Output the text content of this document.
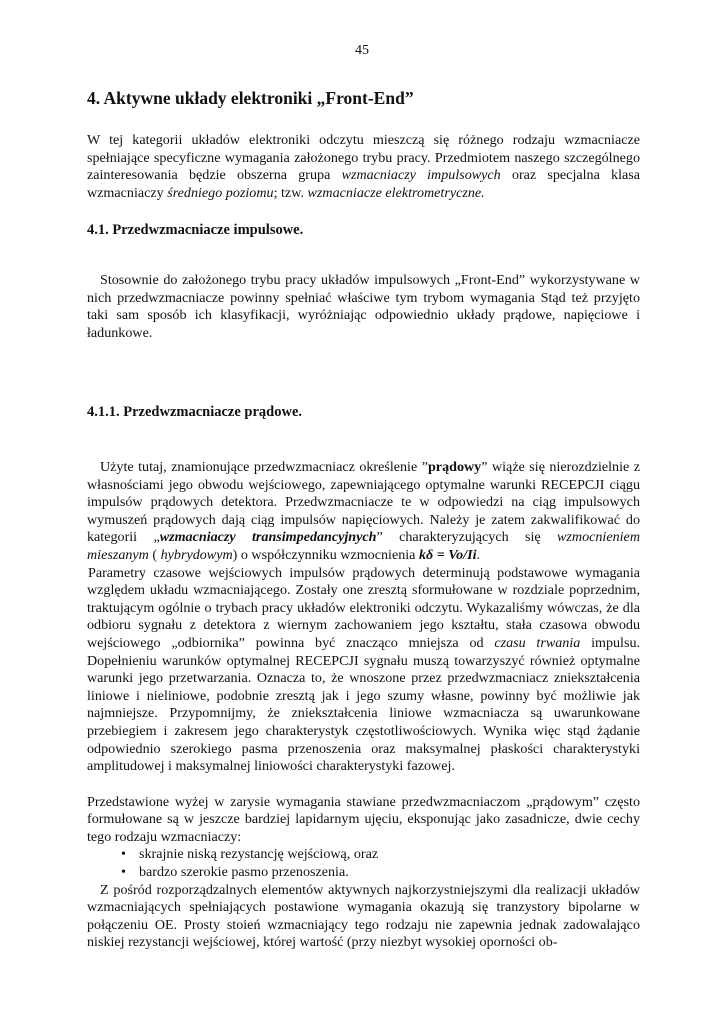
45
4. Aktywne układy elektroniki „Front-End”

W tej kategorii układów elektroniki odczytu mieszczą się różnego rodzaju wzmacniacze spełniające specyficzne wymagania założonego trybu pracy. Przedmiotem naszego szczególnego zainteresowania będzie obszerna grupa wzmacniaczy impulsowych oraz specjalna klasa wzmacniaczy średniego poziomu; tzw. wzmacniacze elektrometryczne.

4.1. Przedwzmacniacze impulsowe.

Stosownie do założonego trybu pracy układów impulsowych „Front-End” wykorzystywane w nich przedwzmacniacze powinny spełniać właściwe tym trybom wymagania Stąd też przyjęto taki sam sposób ich klasyfikacji, wyróżniając odpowiednio układy prądowe, napięciowe i ładunkowe.

4.1.1. Przedwzmacniacze prądowe.

Użyte tutaj, znamionujące przedwzmacniacz określenie ”prądowy” wiąże się nierozdzielnie z własnościami jego obwodu wejściowego, zapewniającego optymalne warunki RECEPCJI ciągu impulsów prądowych detektora. Przedwzmacniacze te w odpowiedzi na ciąg impulsowych wymuszeń prądowych dają ciąg impulsów napięciowych. Należy je zatem zakwalifikować do kategorii „wzmacniaczy transimpedancyjnych” charakteryzujących się wzmocnieniem mieszanym ( hybrydowym) o współczynniku wzmocnienia kδ = Vo/Ii.

Parametry czasowe wejściowych impulsów prądowych determinują podstawowe wymagania względem układu wzmacniającego. Zostały one zresztą sformułowane w rozdziale poprzednim, traktującym ogólnie o trybach pracy układów elektroniki odczytu. Wykazaliśmy wówczas, że dla odbioru sygnału z detektora z wiernym zachowaniem jego kształtu, stała czasowa obwodu wejściowego „odbiornika” powinna być znacząco mniejsza od czasu trwania impulsu. Dopełnieniu warunków optymalnej RECEPCJI sygnału muszą towarzyszyć również optymalne warunki jego przetwarzania. Oznacza to, że wnoszone przez przedwzmacniacz zniekształcenia liniowe i nieliniowe, podobnie zresztą jak i jego szumy własne, powinny być możliwie jak najmniejsze. Przypomnijmy, że zniekształcenia liniowe wzmacniacza są uwarunkowane przebiegiem i zakresem jego charakterystyk częstotliwościowych. Wynika więc stąd żądanie odpowiednio szerokiego pasma przenoszenia oraz maksymalnej płaskości charakterystyki amplitudowej i maksymalnej liniowości charakterystyki fazowej.

Przedstawione wyżej w zarysie wymagania stawiane przedwzmacniaczom „prądowym” często formułowane są w jeszcze bardziej lapidarnym ujęciu, eksponując jako zasadnicze, dwie cechy tego rodzaju wzmacniaczy:

• skrajnie niską rezystancję wejściową, oraz
• bardzo szerokie pasmo przenoszenia.

Z pośród rozporządzalnych elementów aktywnych najkorzystniejszymi dla realizacji układów wzmacniających spełniających postawione wymagania okazują się tranzystory bipolarne w połączeniu OE. Prosty stoień wzmacniający tego rodzaju nie zapewnia jednak zadowalająco niskiej rezystancji wejściowej, której wartość (przy niezbyt wysokiej oporności ob-
